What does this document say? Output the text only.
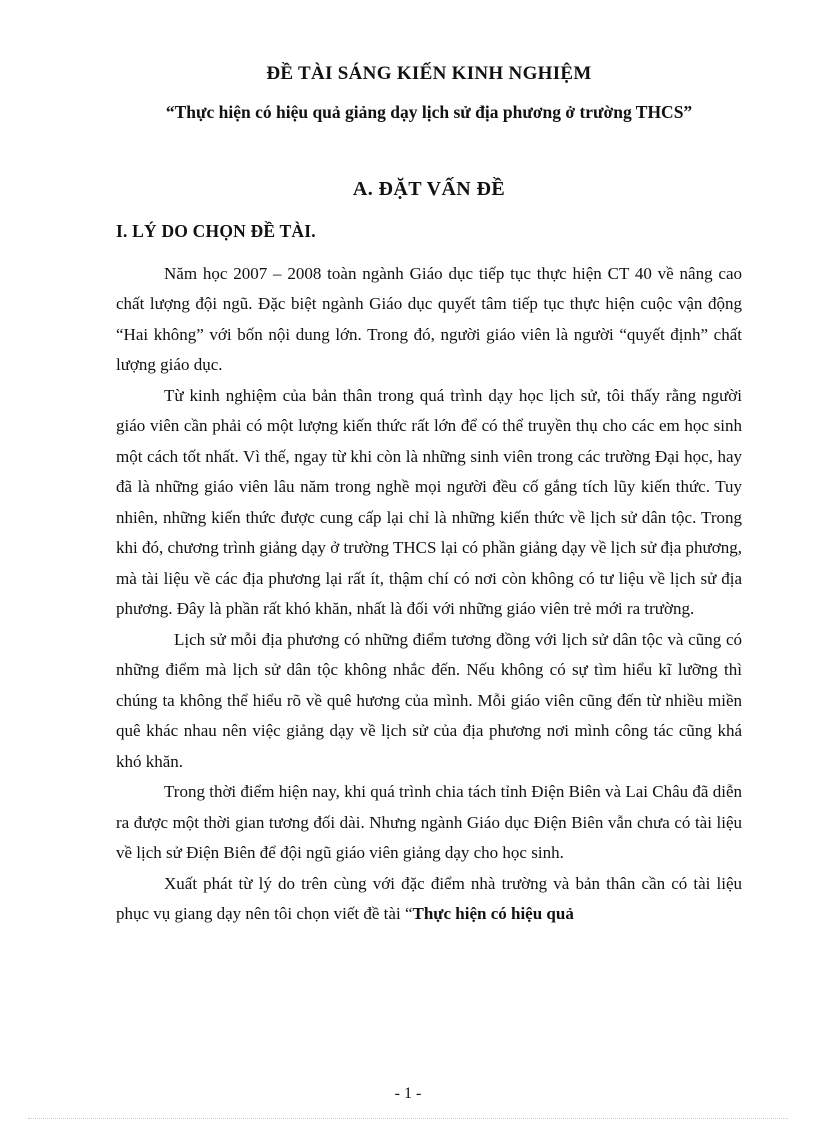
ĐỀ TÀI SÁNG KIẾN KINH NGHIỆM
“Thực hiện có hiệu quả giảng dạy lịch sử địa phương ở trường THCS”
A. ĐẶT VẤN ĐỀ
I. LÝ DO CHỌN ĐỀ TÀI.

Năm học 2007 – 2008 toàn ngành Giáo dục tiếp tục thực hiện CT 40 về nâng cao chất lượng đội ngũ. Đặc biệt ngành Giáo dục quyết tâm tiếp tục thực hiện cuộc vận động “Hai không” với bốn nội dung lớn. Trong đó, người giáo viên là người “quyết định” chất lượng giáo dục.

Từ kinh nghiệm của bản thân trong quá trình dạy học lịch sử, tôi thấy rằng người giáo viên cần phải có một lượng kiến thức rất lớn để có thể truyền thụ cho các em học sinh một cách tốt nhất. Vì thế, ngay từ khi còn là những sinh viên trong các trường Đại học, hay đã là những giáo viên lâu năm trong nghề mọi người đều cố gắng tích lũy kiến thức. Tuy nhiên, những kiến thức được cung cấp lại chỉ là những kiến thức về lịch sử dân tộc. Trong khi đó, chương trình giảng dạy ở trường THCS lại có phần giảng dạy về lịch sử địa phương, mà tài liệu về các địa phương lại rất ít, thậm chí có nơi còn không có tư liệu về lịch sử địa phương. Đây là phần rất khó khăn, nhất là đối với những giáo viên trẻ mới ra trường.

Lịch sử mỗi địa phương có những điểm tương đồng với lịch sử dân tộc và cũng có những điểm mà lịch sử dân tộc không nhắc đến. Nếu không có sự tìm hiểu kĩ lưỡng thì chúng ta không thể hiểu rõ về quê hương của mình. Mỗi giáo viên cũng đến từ nhiều miền quê khác nhau nên việc giảng dạy về lịch sử của địa phương nơi mình công tác cũng khá khó khăn.

Trong thời điểm hiện nay, khi quá trình chia tách tỉnh Điện Biên và Lai Châu đã diễn ra được một thời gian tương đối dài. Nhưng ngành Giáo dục Điện Biên vẫn chưa có tài liệu về lịch sử Điện Biên để đội ngũ giáo viên giảng dạy cho học sinh.

Xuất phát từ lý do trên cùng với đặc điểm nhà trường và bản thân cần có tài liệu phục vụ giang dạy nên tôi chọn viết đề tài “Thực hiện có hiệu quả

- 1 -
